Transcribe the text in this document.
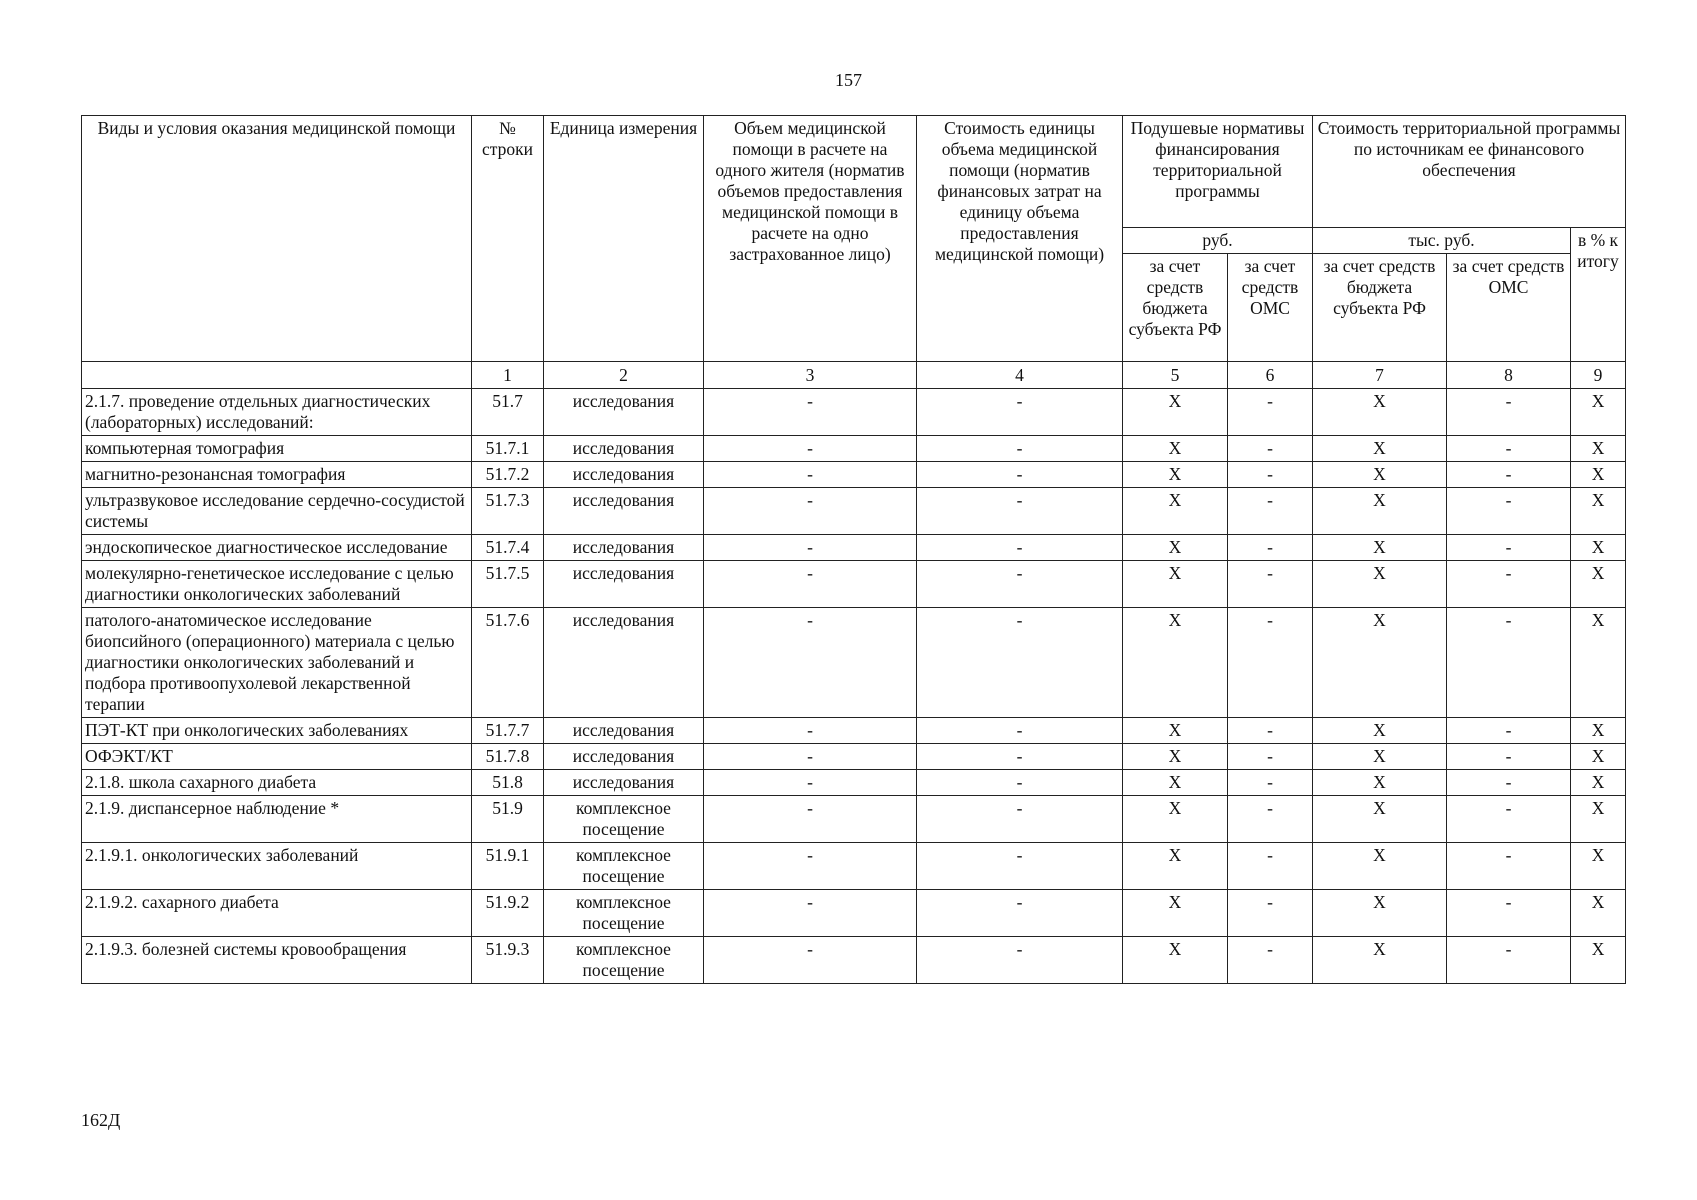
157
Виды и условия оказания медицинской помощи	№ строки	Единица измерения	Объем медицинской помощи в расчете на одного жителя (норматив объемов предоставления медицинской помощи в расчете на одно застрахованное лицо)	Стоимость единицы объема медицинской помощи (норматив финансовых затрат на единицу объема предоставления медицинской помощи)	Подушевые нормативы финансирования территориальной программы		Стоимость территориальной программы по источникам ее финансового обеспечения		
					руб.		тыс. руб.		в % к итогу
					за счет средств бюджета субъекта РФ	за счет средств ОМС	за счет средств бюджета субъекта РФ	за счет средств ОМС	
	1	2	3	4	5	6	7	8	9
2.1.7. проведение отдельных диагностических (лабораторных) исследований:	51.7	исследования	-	-	X	-	X	-	X
компьютерная томография	51.7.1	исследования	-	-	X	-	X	-	X
магнитно-резонансная томография	51.7.2	исследования	-	-	X	-	X	-	X
ультразвуковое исследование сердечно-сосудистой системы	51.7.3	исследования	-	-	X	-	X	-	X
эндоскопическое диагностическое исследование	51.7.4	исследования	-	-	X	-	X	-	X
молекулярно-генетическое исследование с целью диагностики онкологических заболеваний	51.7.5	исследования	-	-	X	-	X	-	X
патолого-анатомическое исследование биопсийного (операционного) материала с целью диагностики онкологических заболеваний и подбора противоопухолевой лекарственной терапии	51.7.6	исследования	-	-	X	-	X	-	X
ПЭТ-КТ при онкологических заболеваниях	51.7.7	исследования	-	-	X	-	X	-	X
ОФЭКТ/КТ	51.7.8	исследования	-	-	X	-	X	-	X
2.1.8. школа сахарного диабета	51.8	исследования	-	-	X	-	X	-	X
2.1.9. диспансерное наблюдение *	51.9	комплексное посещение	-	-	X	-	X	-	X
2.1.9.1. онкологических заболеваний	51.9.1	комплексное посещение	-	-	X	-	X	-	X
2.1.9.2. сахарного диабета	51.9.2	комплексное посещение	-	-	X	-	X	-	X
2.1.9.3. болезней системы кровообращения	51.9.3	комплексное посещение	-	-	X	-	X	-	X
162Д
